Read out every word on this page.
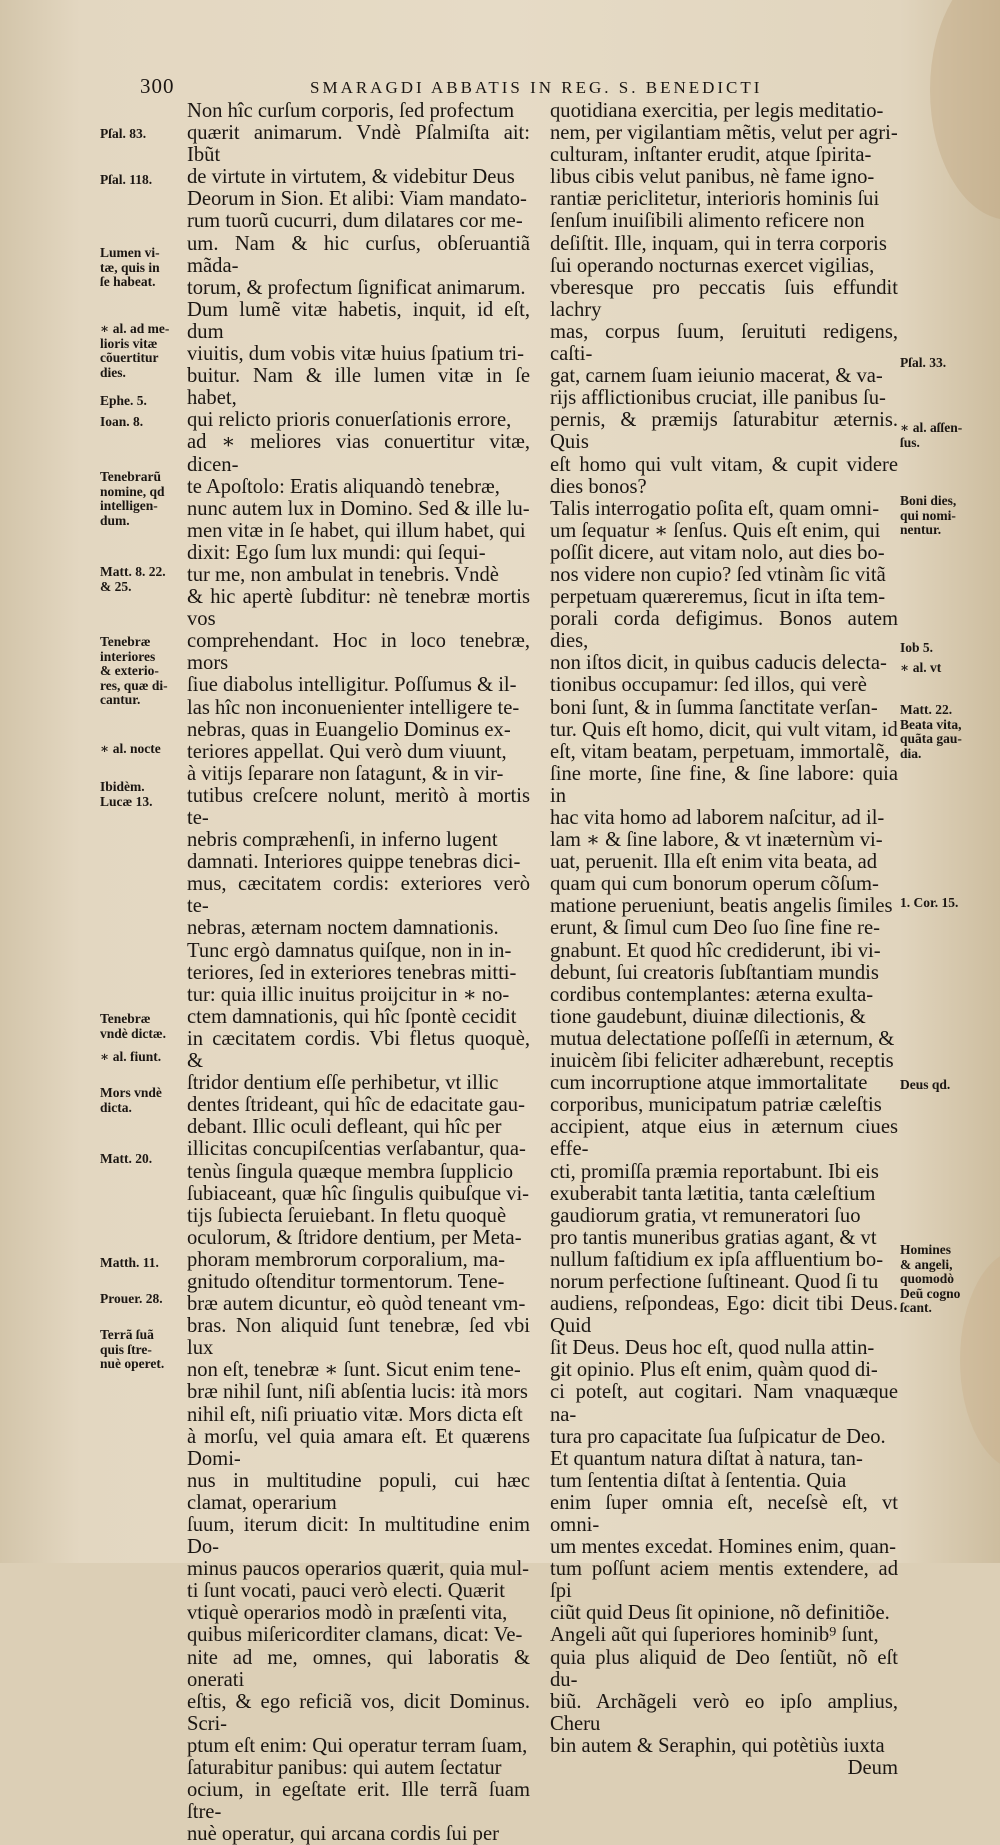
300	SMARAGDI ABBATIS IN REG. S. BENEDICTI

Non hîc curſum corporis, ſed profectum

quærit animarum. Vndè Pſalmiſta ait: Ibũt

de virtute in virtutem, & videbitur Deus

Deorum in Sion. Et alibi: Viam mandato-

rum tuorũ cucurri, dum dilatares cor me-

um. Nam & hic curſus, obſeruantiã mãda-

torum, & profectum ſignificat animarum.

Dum lumẽ vitæ habetis, inquit, id eſt, dum

viuitis, dum vobis vitæ huius ſpatium tri-

buitur. Nam & ille lumen vitæ in ſe habet,

qui relicto prioris conuerſationis errore,

ad ∗ meliores vias conuertitur vitæ, dicen-

te Apoſtolo: Eratis aliquandò tenebræ,

nunc autem lux in Domino. Sed & ille lu-

men vitæ in ſe habet, qui illum habet, qui

dixit: Ego ſum lux mundi: qui ſequi-

tur me, non ambulat in tenebris. Vndè

& hic apertè ſubditur: nè tenebræ mortis vos

comprehendant. Hoc in loco tenebræ, mors

ſiue diabolus intelligitur. Poſſumus & il-

las hîc non inconuenienter intelligere te-

nebras, quas in Euangelio Dominus ex-

teriores appellat. Qui verò dum viuunt,

à vitijs ſeparare non ſatagunt, & in vir-

tutibus creſcere nolunt, meritò à mortis te-

nebris compræhenſi, in inferno lugent

damnati. Interiores quippe tenebras dici-

mus, cæcitatem cordis: exteriores verò te-

nebras, æternam noctem damnationis.

Tunc ergò damnatus quiſque, non in in-

teriores, ſed in exteriores tenebras mitti-

tur: quia illic inuitus proijcitur in ∗ no-

ctem damnationis, qui hîc ſpontè cecidit

in cæcitatem cordis. Vbi fletus quoquè, &

ſtridor dentium eſſe perhibetur, vt illic

dentes ſtrideant, qui hîc de edacitate gau-

debant. Illic oculi defleant, qui hîc per

illicitas concupiſcentias verſabantur, qua-

tenùs ſingula quæque membra ſupplicio

ſubiaceant, quæ hîc ſingulis quibuſque vi-

tijs ſubiecta ſeruiebant. In fletu quoquè

oculorum, & ſtridore dentium, per Meta-

phoram membrorum corporalium, ma-

gnitudo oſtenditur tormentorum. Tene-

bræ autem dicuntur, eò quòd teneant vm-

bras. Non aliquid ſunt tenebræ, ſed vbi lux

non eſt, tenebræ ∗ ſunt. Sicut enim tene-

bræ nihil ſunt, niſi abſentia lucis: ità mors

nihil eſt, niſi priuatio vitæ. Mors dicta eſt

à morſu, vel quia amara eſt. Et quærens Domi-

nus in multitudine populi, cui hæc clamat, operarium

ſuum, iterum dicit: In multitudine enim Do-

minus paucos operarios quærit, quia mul-

ti ſunt vocati, pauci verò electi. Quærit

vtiquè operarios modò in præſenti vita,

quibus miſericorditer clamans, dicat: Ve-

nite ad me, omnes, qui laboratis & onerati

eſtis, & ego reficiã vos, dicit Dominus. Scri-

ptum eſt enim: Qui operatur terram ſuam,

ſaturabitur panibus: qui autem ſectatur

ocium, in egeſtate erit. Ille terrã ſuam ſtre-

nuè operatur, qui arcana cordis ſui per

quotidiana exercitia, per legis meditatio-

nem, per vigilantiam mẽtis, velut per agri-

culturam, inſtanter erudit, atque ſpirita-

libus cibis velut panibus, nè fame igno-

rantiæ periclitetur, interioris hominis ſui

ſenſum inuiſibili alimento reficere non

deſiſtit. Ille, inquam, qui in terra corporis

ſui operando nocturnas exercet vigilias,

vberesque pro peccatis ſuis effundit lachry

mas, corpus ſuum, ſeruituti redigens, caſti-

gat, carnem ſuam ieiunio macerat, & va-

rijs afflictionibus cruciat, ille panibus ſu-

pernis, & præmijs ſaturabitur æternis. Quis

eſt homo qui vult vitam, & cupit videre dies bonos?

Talis interrogatio poſita eſt, quam omni-

um ſequatur ∗ ſenſus. Quis eſt enim, qui

poſſit dicere, aut vitam nolo, aut dies bo-

nos videre non cupio? ſed vtinàm ſic vitã

perpetuam quæreremus, ſicut in iſta tem-

porali corda defigimus. Bonos autem dies,

non iſtos dicit, in quibus caducis delecta-

tionibus occupamur: ſed illos, qui verè

boni ſunt, & in ſumma ſanctitate verſan-

tur. Quis eſt homo, dicit, qui vult vitam, id

eſt, vitam beatam, perpetuam, immortalẽ,

ſine morte, ſine fine, & ſine labore: quia in

hac vita homo ad laborem naſcitur, ad il-

lam ∗ & ſine labore, & vt inæternùm vi-

uat, peruenit. Illa eſt enim vita beata, ad

quam qui cum bonorum operum cõſum-

matione perueniunt, beatis angelis ſimiles

erunt, & ſimul cum Deo ſuo ſine fine re-

gnabunt. Et quod hîc crediderunt, ibi vi-

debunt, ſui creatoris ſubſtantiam mundis

cordibus contemplantes: æterna exulta-

tione gaudebunt, diuinæ dilectionis, &

mutua delectatione poſſeſſi in æternum, &

inuicèm ſibi feliciter adhærebunt, receptis

cum incorruptione atque immortalitate

corporibus, municipatum patriæ cæleſtis

accipient, atque eius in æternum ciues effe-

cti, promiſſa præmia reportabunt. Ibi eis

exuberabit tanta lætitia, tanta cæleſtium

gaudiorum gratia, vt remuneratori ſuo

pro tantis muneribus gratias agant, & vt

nullum faſtidium ex ipſa affluentium bo-

norum perfectione ſuſtineant. Quod ſi tu

audiens, reſpondeas, Ego: dicit tibi Deus. Quid

ſit Deus. Deus hoc eſt, quod nulla attin-

git opinio. Plus eſt enim, quàm quod di-

ci poteſt, aut cogitari. Nam vnaquæque na-

tura pro capacitate ſua ſuſpicatur de Deo.

Et quantum natura diſtat à natura, tan-

tum ſententia diſtat à ſententia. Quia

enim ſuper omnia eſt, neceſsè eſt, vt omni-

um mentes excedat. Homines enim, quan-

tum poſſunt aciem mentis extendere, ad ſpi

ciũt quid Deus ſit opinione, nõ definitiõe.

Angeli aũt qui ſuperiores hominib⁹ ſunt,

quia plus aliquid de Deo ſentiũt, nõ eſt du-

biũ. Archãgeli verò eo ipſo amplius, Cheru

bin autem & Seraphin, qui potètiùs iuxta

Deum

Pſal. 83.
Pſal. 118.
Lumen vi-
tæ, quis in
ſe habeat.
∗ al. ad me-
lioris vitæ
cõuertitur
dies.
Ephe. 5.
Ioan. 8.
Tenebrarũ
nomine, qd
intelligen-
dum.
Matt. 8. 22.
& 25.
Tenebræ
interiores
& exterio-
res, quæ di-
cantur.
∗ al. nocte
Ibidèm.
Lucæ 13.
Tenebræ
vndè dictæ.
∗ al. fiunt.
Mors vndè
dicta.
Matt. 20.
Matth. 11.
Prouer. 28.
Terrã ſuã
quis ſtre-
nuè operet.
Pſal. 33.
∗ al. aſſen-
ſus.
Boni dies,
qui nomi-
nentur.
Iob 5.
∗ al. vt
Matt. 22.
Beata vita,
quãta gau-
dia.
1. Cor. 15.
Deus qd.
Homines
& angeli,
quomodò
Deũ cogno
ſcant.
